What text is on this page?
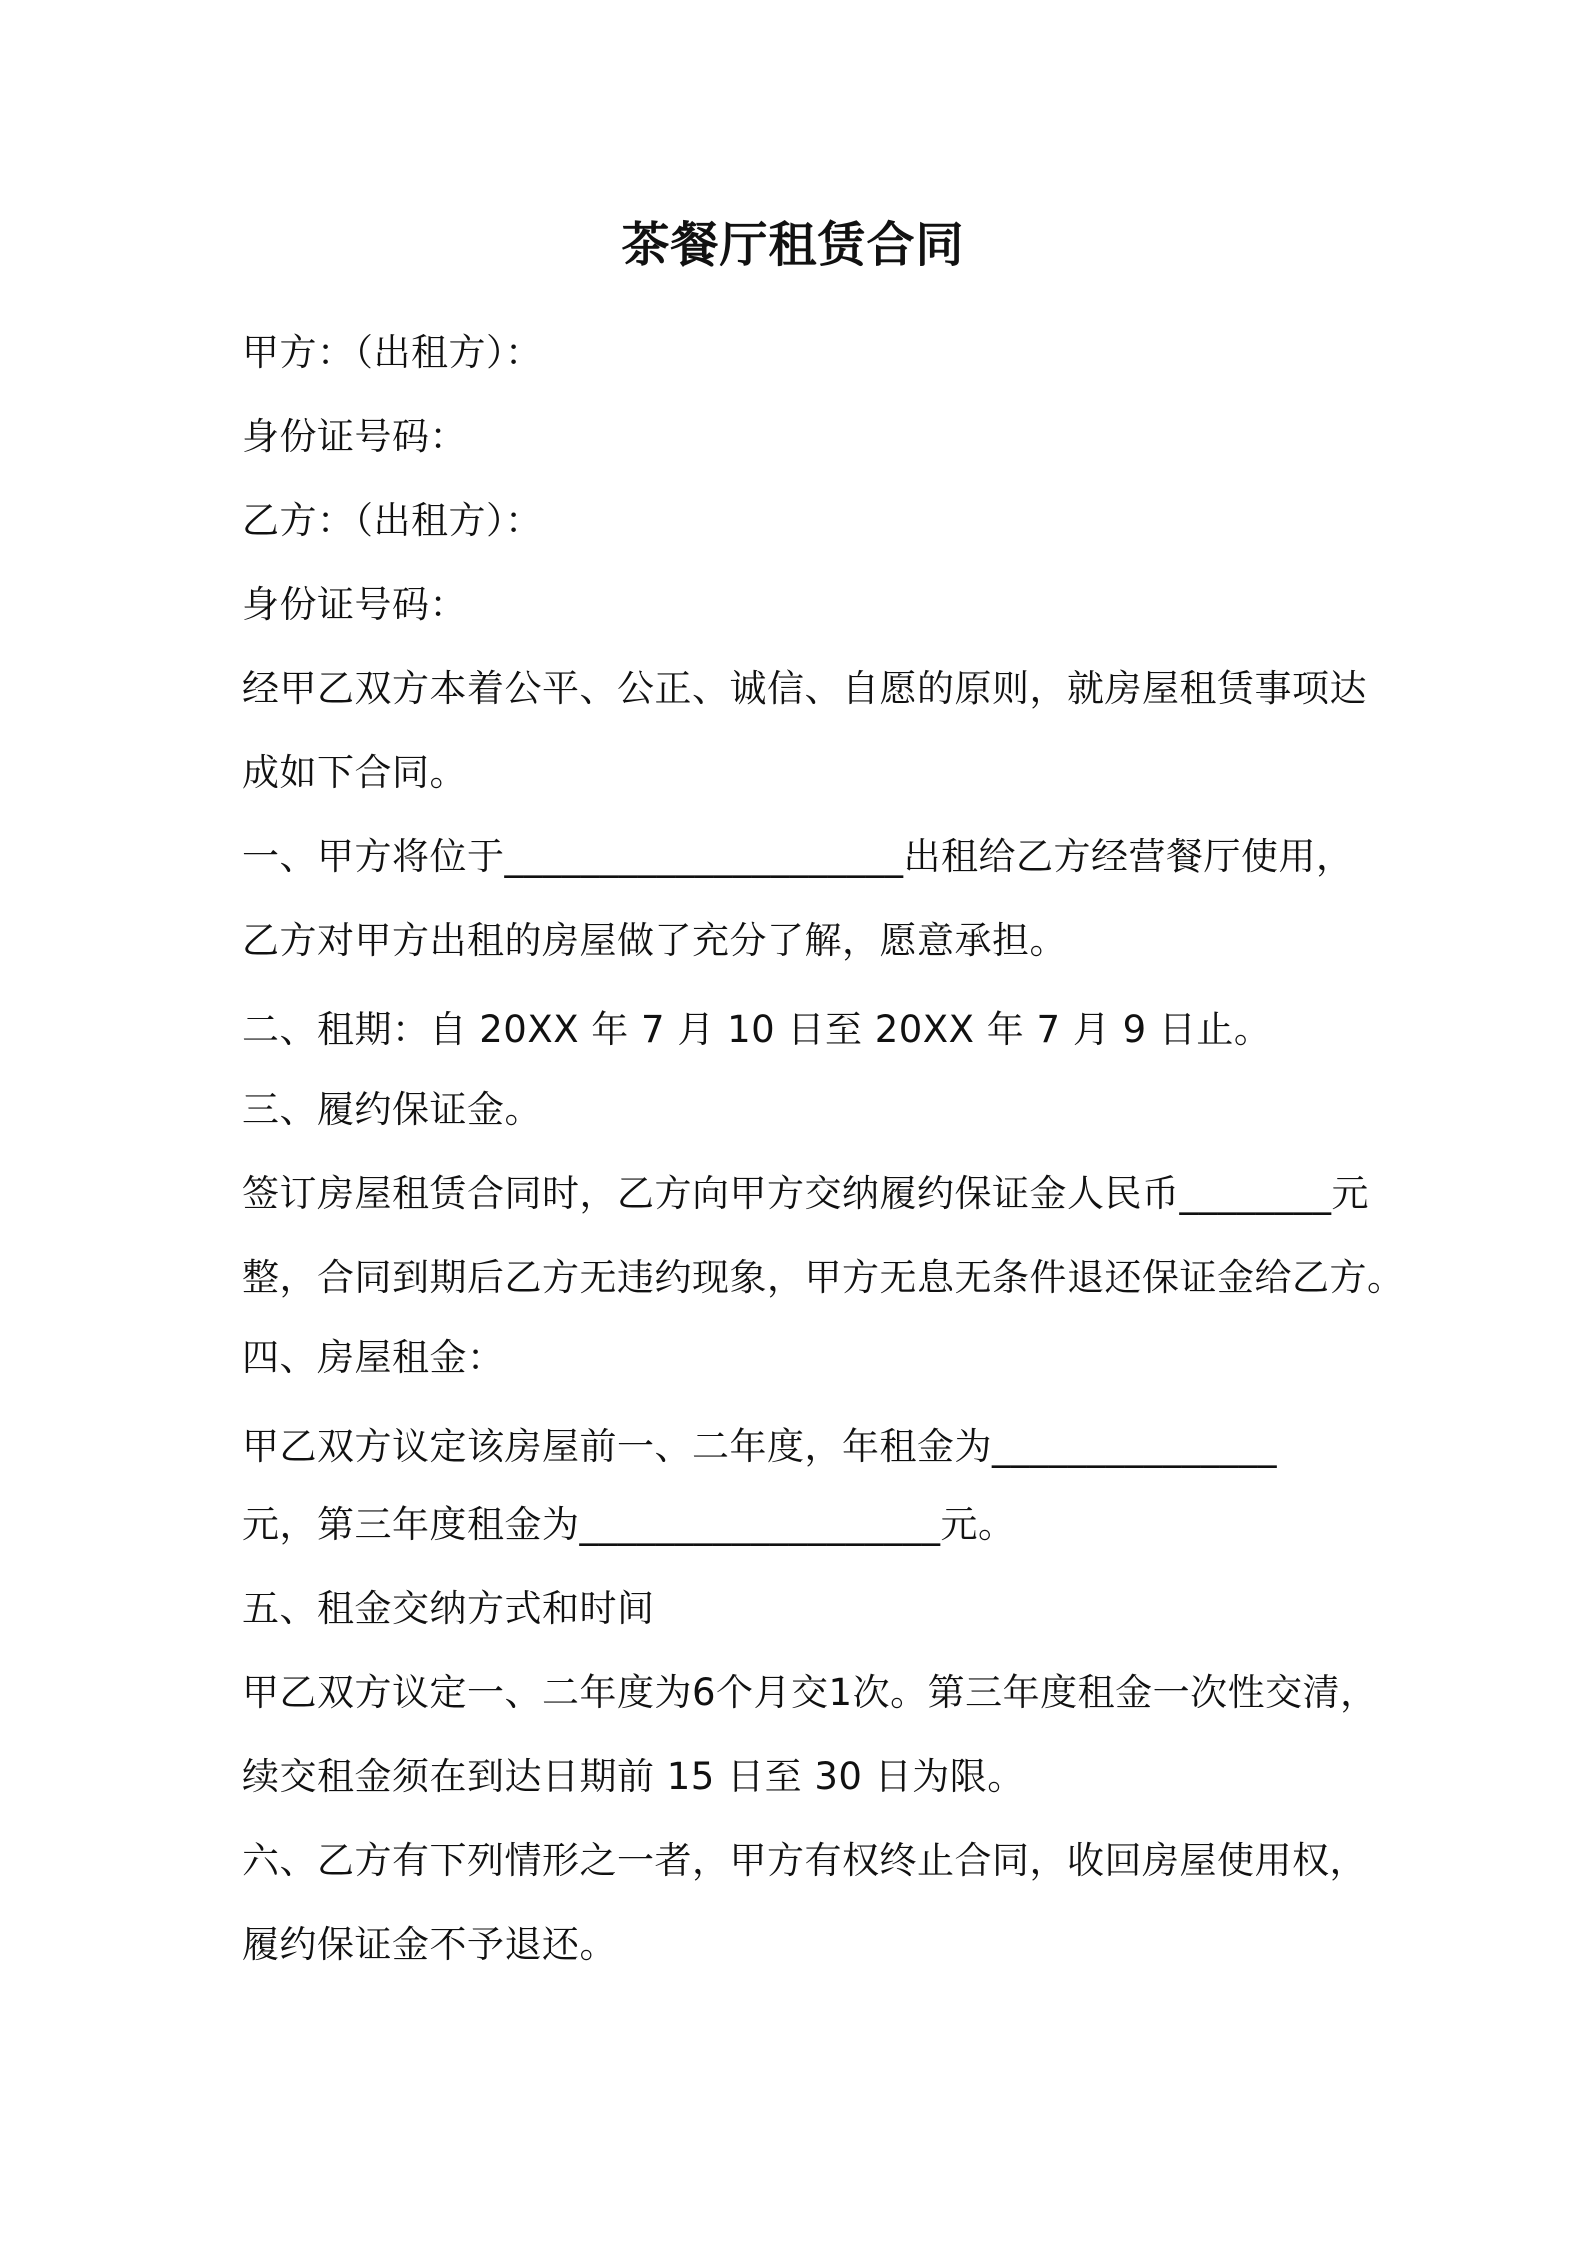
茶餐厅租赁合同
甲方：（出租方）：
身份证号码：
乙方：（出租方）：
身份证号码：
经甲乙双方本着公平、公正、诚信、自愿的原则，就房屋租赁事项达
成如下合同。
一、甲方将位于_____________________出租给乙方经营餐厅使用，
乙方对甲方出租的房屋做了充分了解，愿意承担。
二、租期：自 20XX 年 7 月 10 日至 20XX 年 7 月 9 日止。
三、履约保证金。
签订房屋租赁合同时，乙方向甲方交纳履约保证金人民币________元
整，合同到期后乙方无违约现象，甲方无息无条件退还保证金给乙方。
四、房屋租金：
甲乙双方议定该房屋前一、二年度，年租金为_______________
元，第三年度租金为___________________元。
五、租金交纳方式和时间
甲乙双方议定一、二年度为6个月交1次。第三年度租金一次性交清，
续交租金须在到达日期前 15 日至 30 日为限。
六、乙方有下列情形之一者，甲方有权终止合同，收回房屋使用权，
履约保证金不予退还。
